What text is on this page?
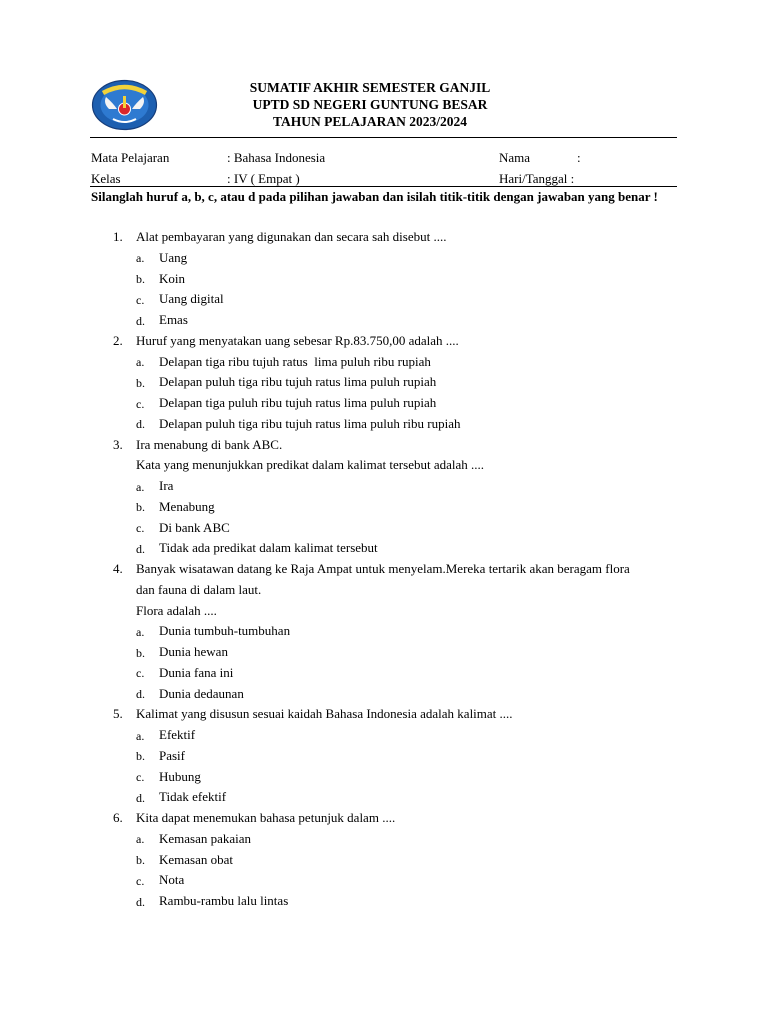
SUMATIF AKHIR SEMESTER GANJIL
UPTD SD NEGERI GUNTUNG BESAR
TAHUN PELAJARAN 2023/2024
Mata Pelajaran	: Bahasa Indonesia	Nama	:
Kelas	: IV ( Empat )	Hari/Tanggal :
Silanglah huruf a, b, c, atau d pada pilihan jawaban dan isilah titik-titik dengan jawaban yang benar !
1. Alat pembayaran yang digunakan dan secara sah disebut ....
a. Uang
b. Koin
c. Uang digital
d. Emas
2. Huruf yang menyatakan uang sebesar Rp.83.750,00 adalah ....
a. Delapan tiga ribu tujuh ratus  lima puluh ribu rupiah
b. Delapan puluh tiga ribu tujuh ratus lima puluh rupiah
c. Delapan tiga puluh ribu tujuh ratus lima puluh rupiah
d. Delapan puluh tiga ribu tujuh ratus lima puluh ribu rupiah
3. Ira menabung di bank ABC.
Kata yang menunjukkan predikat dalam kalimat tersebut adalah ....
a. Ira
b. Menabung
c. Di bank ABC
d. Tidak ada predikat dalam kalimat tersebut
4. Banyak wisatawan datang ke Raja Ampat untuk menyelam.Mereka tertarik akan beragam flora
dan fauna di dalam laut.
Flora adalah ....
a. Dunia tumbuh-tumbuhan
b. Dunia hewan
c. Dunia fana ini
d. Dunia dedaunan
5. Kalimat yang disusun sesuai kaidah Bahasa Indonesia adalah kalimat ....
a. Efektif
b. Pasif
c. Hubung
d. Tidak efektif
6. Kita dapat menemukan bahasa petunjuk dalam ....
a. Kemasan pakaian
b. Kemasan obat
c. Nota
d. Rambu-rambu lalu lintas
